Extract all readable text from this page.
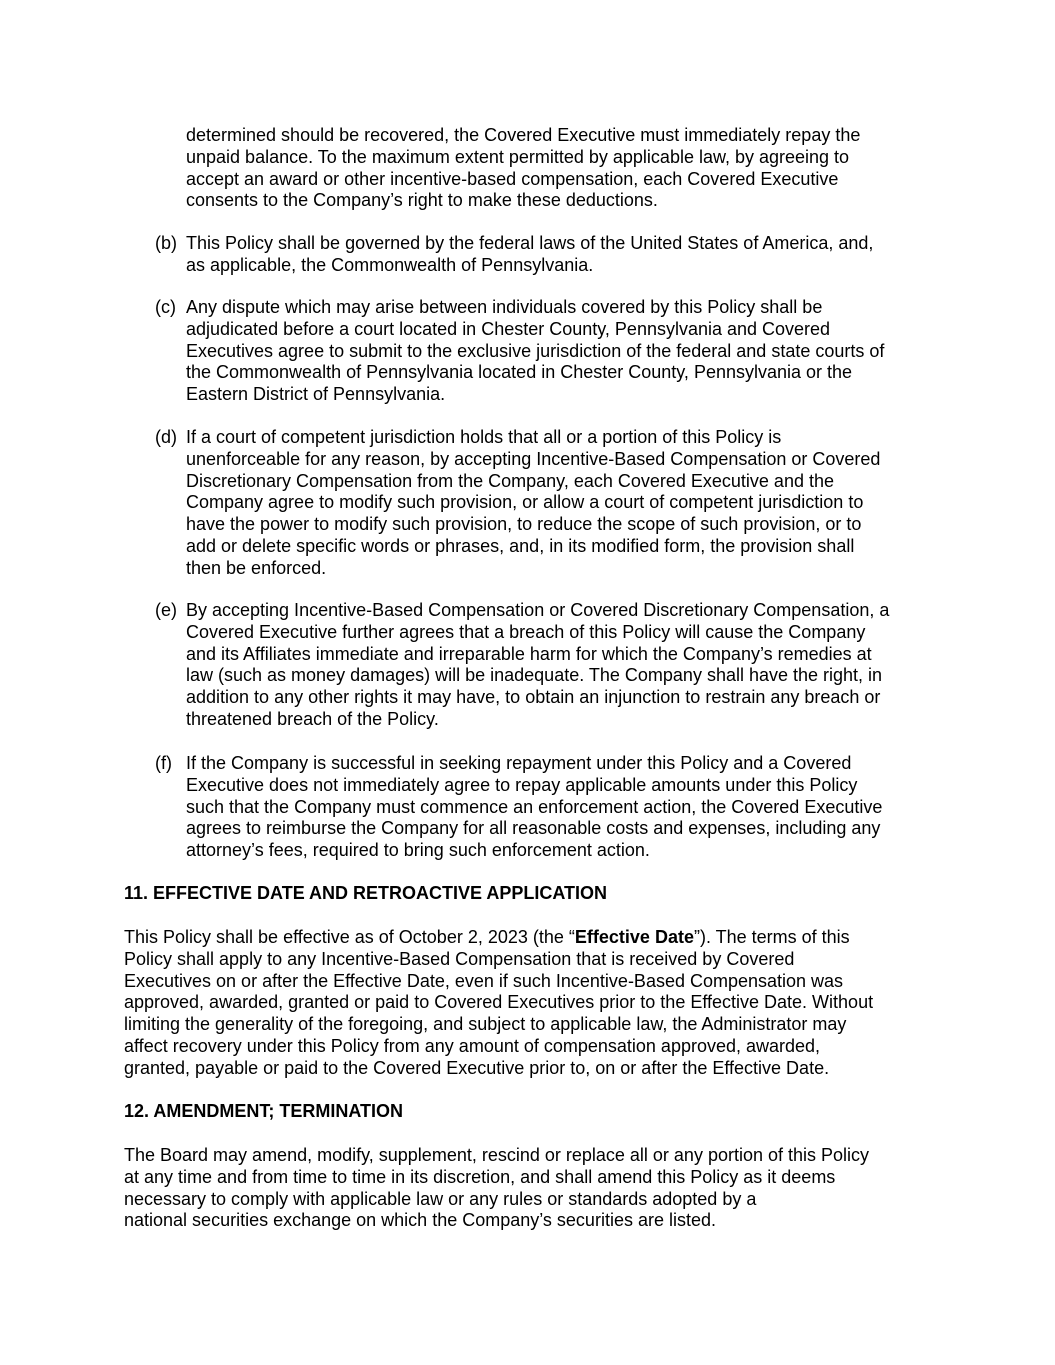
determined should be recovered, the Covered Executive must immediately repay the
unpaid balance. To the maximum extent permitted by applicable law, by agreeing to
accept an award or other incentive-based compensation, each Covered Executive
consents to the Company’s right to make these deductions.
(b) This Policy shall be governed by the federal laws of the United States of America, and,
as applicable, the Commonwealth of Pennsylvania.
(c) Any dispute which may arise between individuals covered by this Policy shall be
adjudicated before a court located in Chester County, Pennsylvania and Covered
Executives agree to submit to the exclusive jurisdiction of the federal and state courts of
the Commonwealth of Pennsylvania located in Chester County, Pennsylvania or the
Eastern District of Pennsylvania.
(d) If a court of competent jurisdiction holds that all or a portion of this Policy is
unenforceable for any reason, by accepting Incentive-Based Compensation or Covered
Discretionary Compensation from the Company, each Covered Executive and the
Company agree to modify such provision, or allow a court of competent jurisdiction to
have the power to modify such provision, to reduce the scope of such provision, or to
add or delete specific words or phrases, and, in its modified form, the provision shall
then be enforced.
(e) By accepting Incentive-Based Compensation or Covered Discretionary Compensation, a
Covered Executive further agrees that a breach of this Policy will cause the Company
and its Affiliates immediate and irreparable harm for which the Company’s remedies at
law (such as money damages) will be inadequate. The Company shall have the right, in
addition to any other rights it may have, to obtain an injunction to restrain any breach or
threatened breach of the Policy.
(f) If the Company is successful in seeking repayment under this Policy and a Covered
Executive does not immediately agree to repay applicable amounts under this Policy
such that the Company must commence an enforcement action, the Covered Executive
agrees to reimburse the Company for all reasonable costs and expenses, including any
attorney’s fees, required to bring such enforcement action.
11. EFFECTIVE DATE AND RETROACTIVE APPLICATION
This Policy shall be effective as of October 2, 2023 (the “Effective Date”). The terms of this
Policy shall apply to any Incentive-Based Compensation that is received by Covered
Executives on or after the Effective Date, even if such Incentive-Based Compensation was
approved, awarded, granted or paid to Covered Executives prior to the Effective Date. Without
limiting the generality of the foregoing, and subject to applicable law, the Administrator may
affect recovery under this Policy from any amount of compensation approved, awarded,
granted, payable or paid to the Covered Executive prior to, on or after the Effective Date.
12. AMENDMENT; TERMINATION
The Board may amend, modify, supplement, rescind or replace all or any portion of this Policy
at any time and from time to time in its discretion, and shall amend this Policy as it deems
necessary to comply with applicable law or any rules or standards adopted by a
national securities exchange on which the Company’s securities are listed.
